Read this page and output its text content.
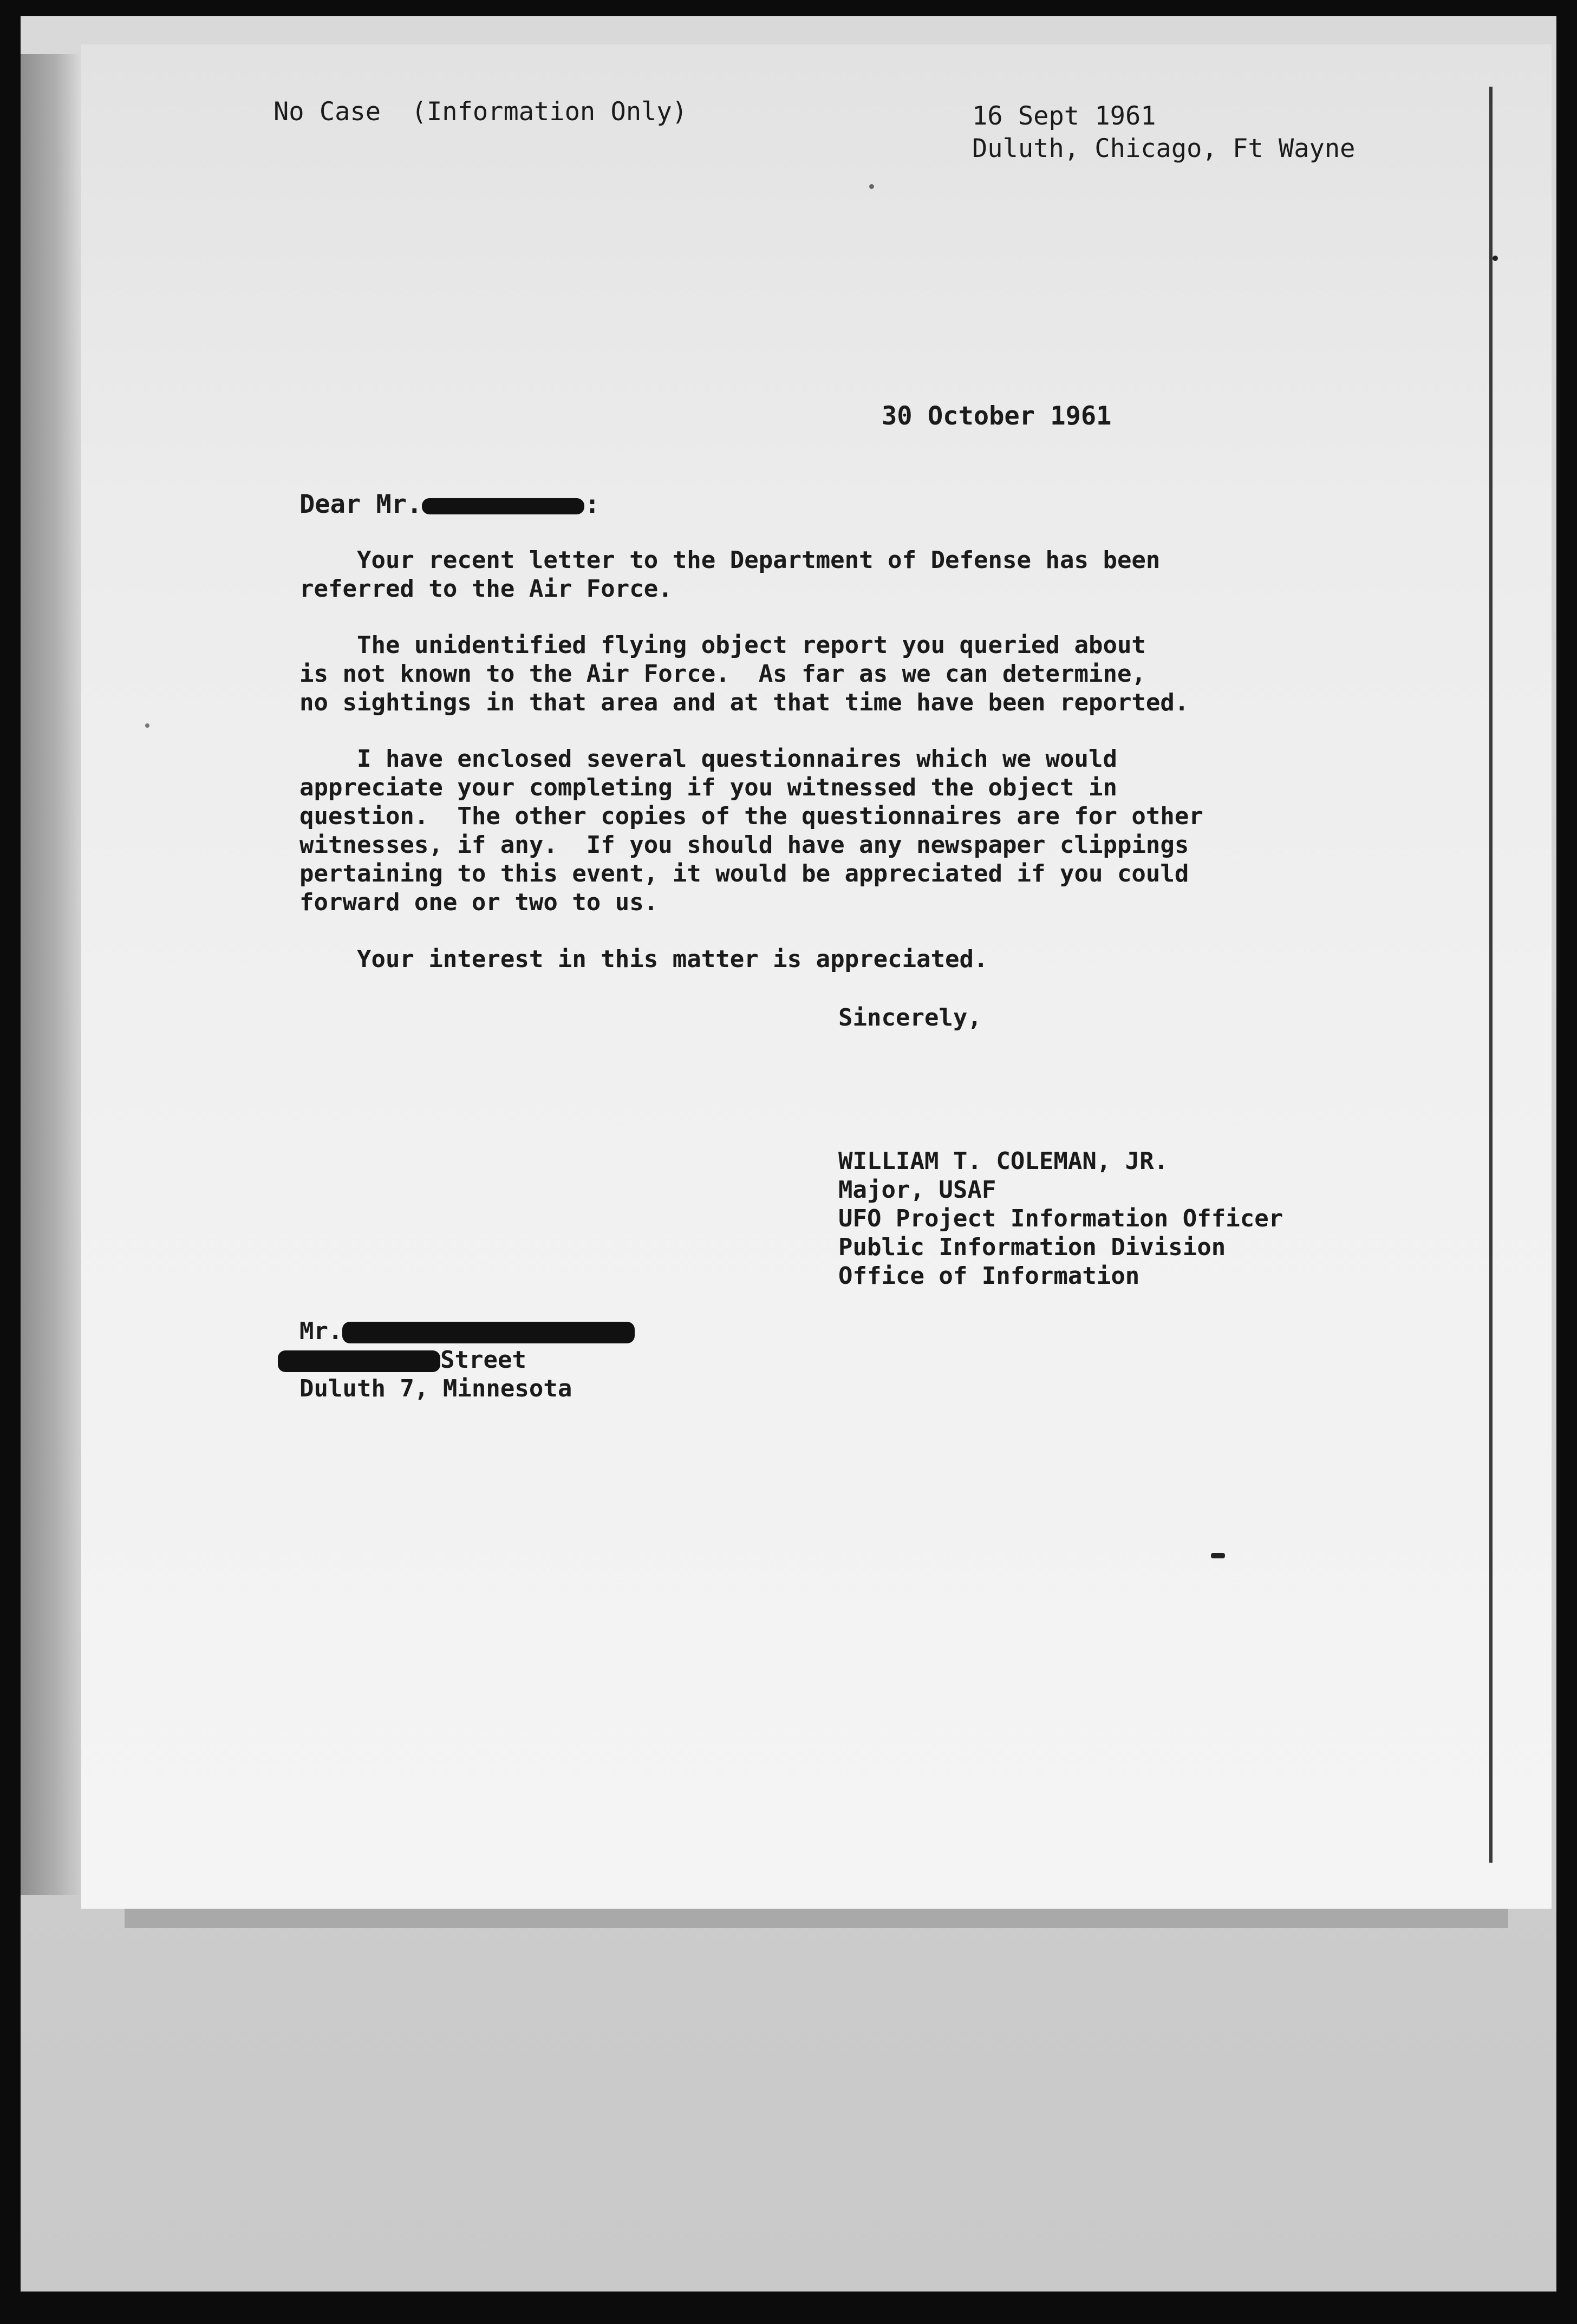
No Case  (Information Only)	16 Sept 1961

Duluth, Chicago, Ft Wayne

30 October 1961

Dear Mr.	:

Your recent letter to the Department of Defense has been
referred to the Air Force.
The unidentified flying object report you queried about
is not known to the Air Force.  As far as we can determine,
no sightings in that area and at that time have been reported.
I have enclosed several questionnaires which we would
appreciate your completing if you witnessed the object in
question.  The other copies of the questionnaires are for other
witnesses, if any.  If you should have any newspaper clippings
pertaining to this event, it would be appreciated if you could
forward one or two to us.
Your interest in this matter is appreciated.

Sincerely,

WILLIAM T. COLEMAN, JR.
Major, USAF
UFO Project Information Officer
Public Information Division
Office of Information
Mr.
Street
Duluth 7, Minnesota
